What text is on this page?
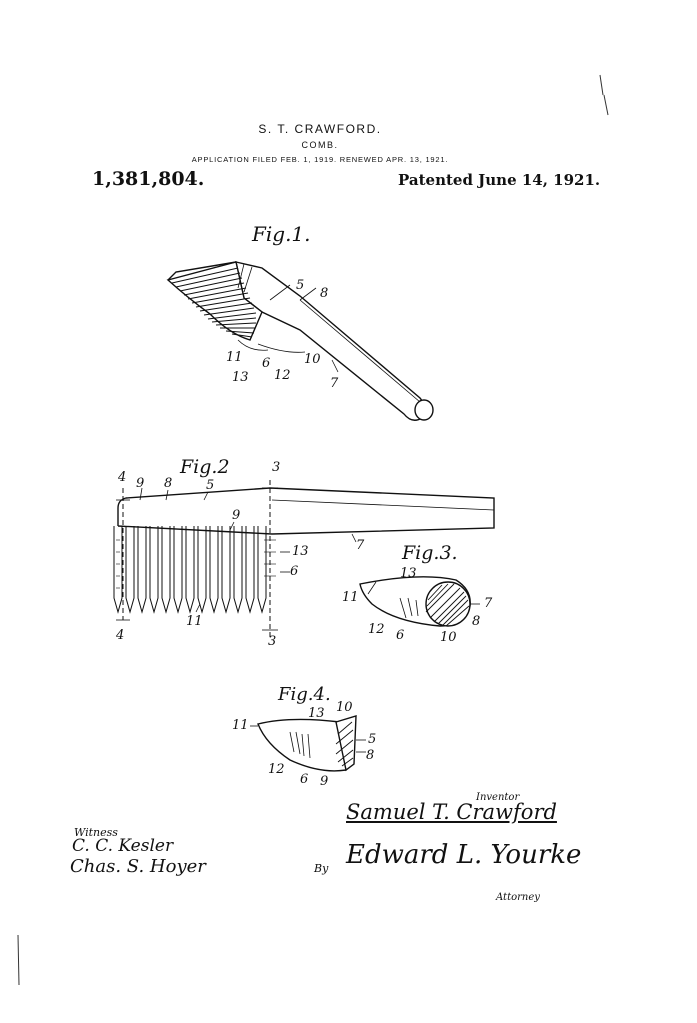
S. T. CRAWFORD.
COMB.
APPLICATION FILED FEB. 1, 1919. RENEWED APR. 13, 1921.
1,381,804.	Patented June 14, 1921.
Fig.1.
Fig.2
Fig.3.
Fig.4.
5
8
11 6	10
13 12
7
4 9 8	5
3
9
13
6
7
11
4	3
13
11	7
8
12 6	10
13 10
11
5
8
12
6 9
Inventor
Samuel T. Crawford
Witness
C. C. Kesler
Chas. S. Hoyer	By Edward L. Yourke
Attorney
